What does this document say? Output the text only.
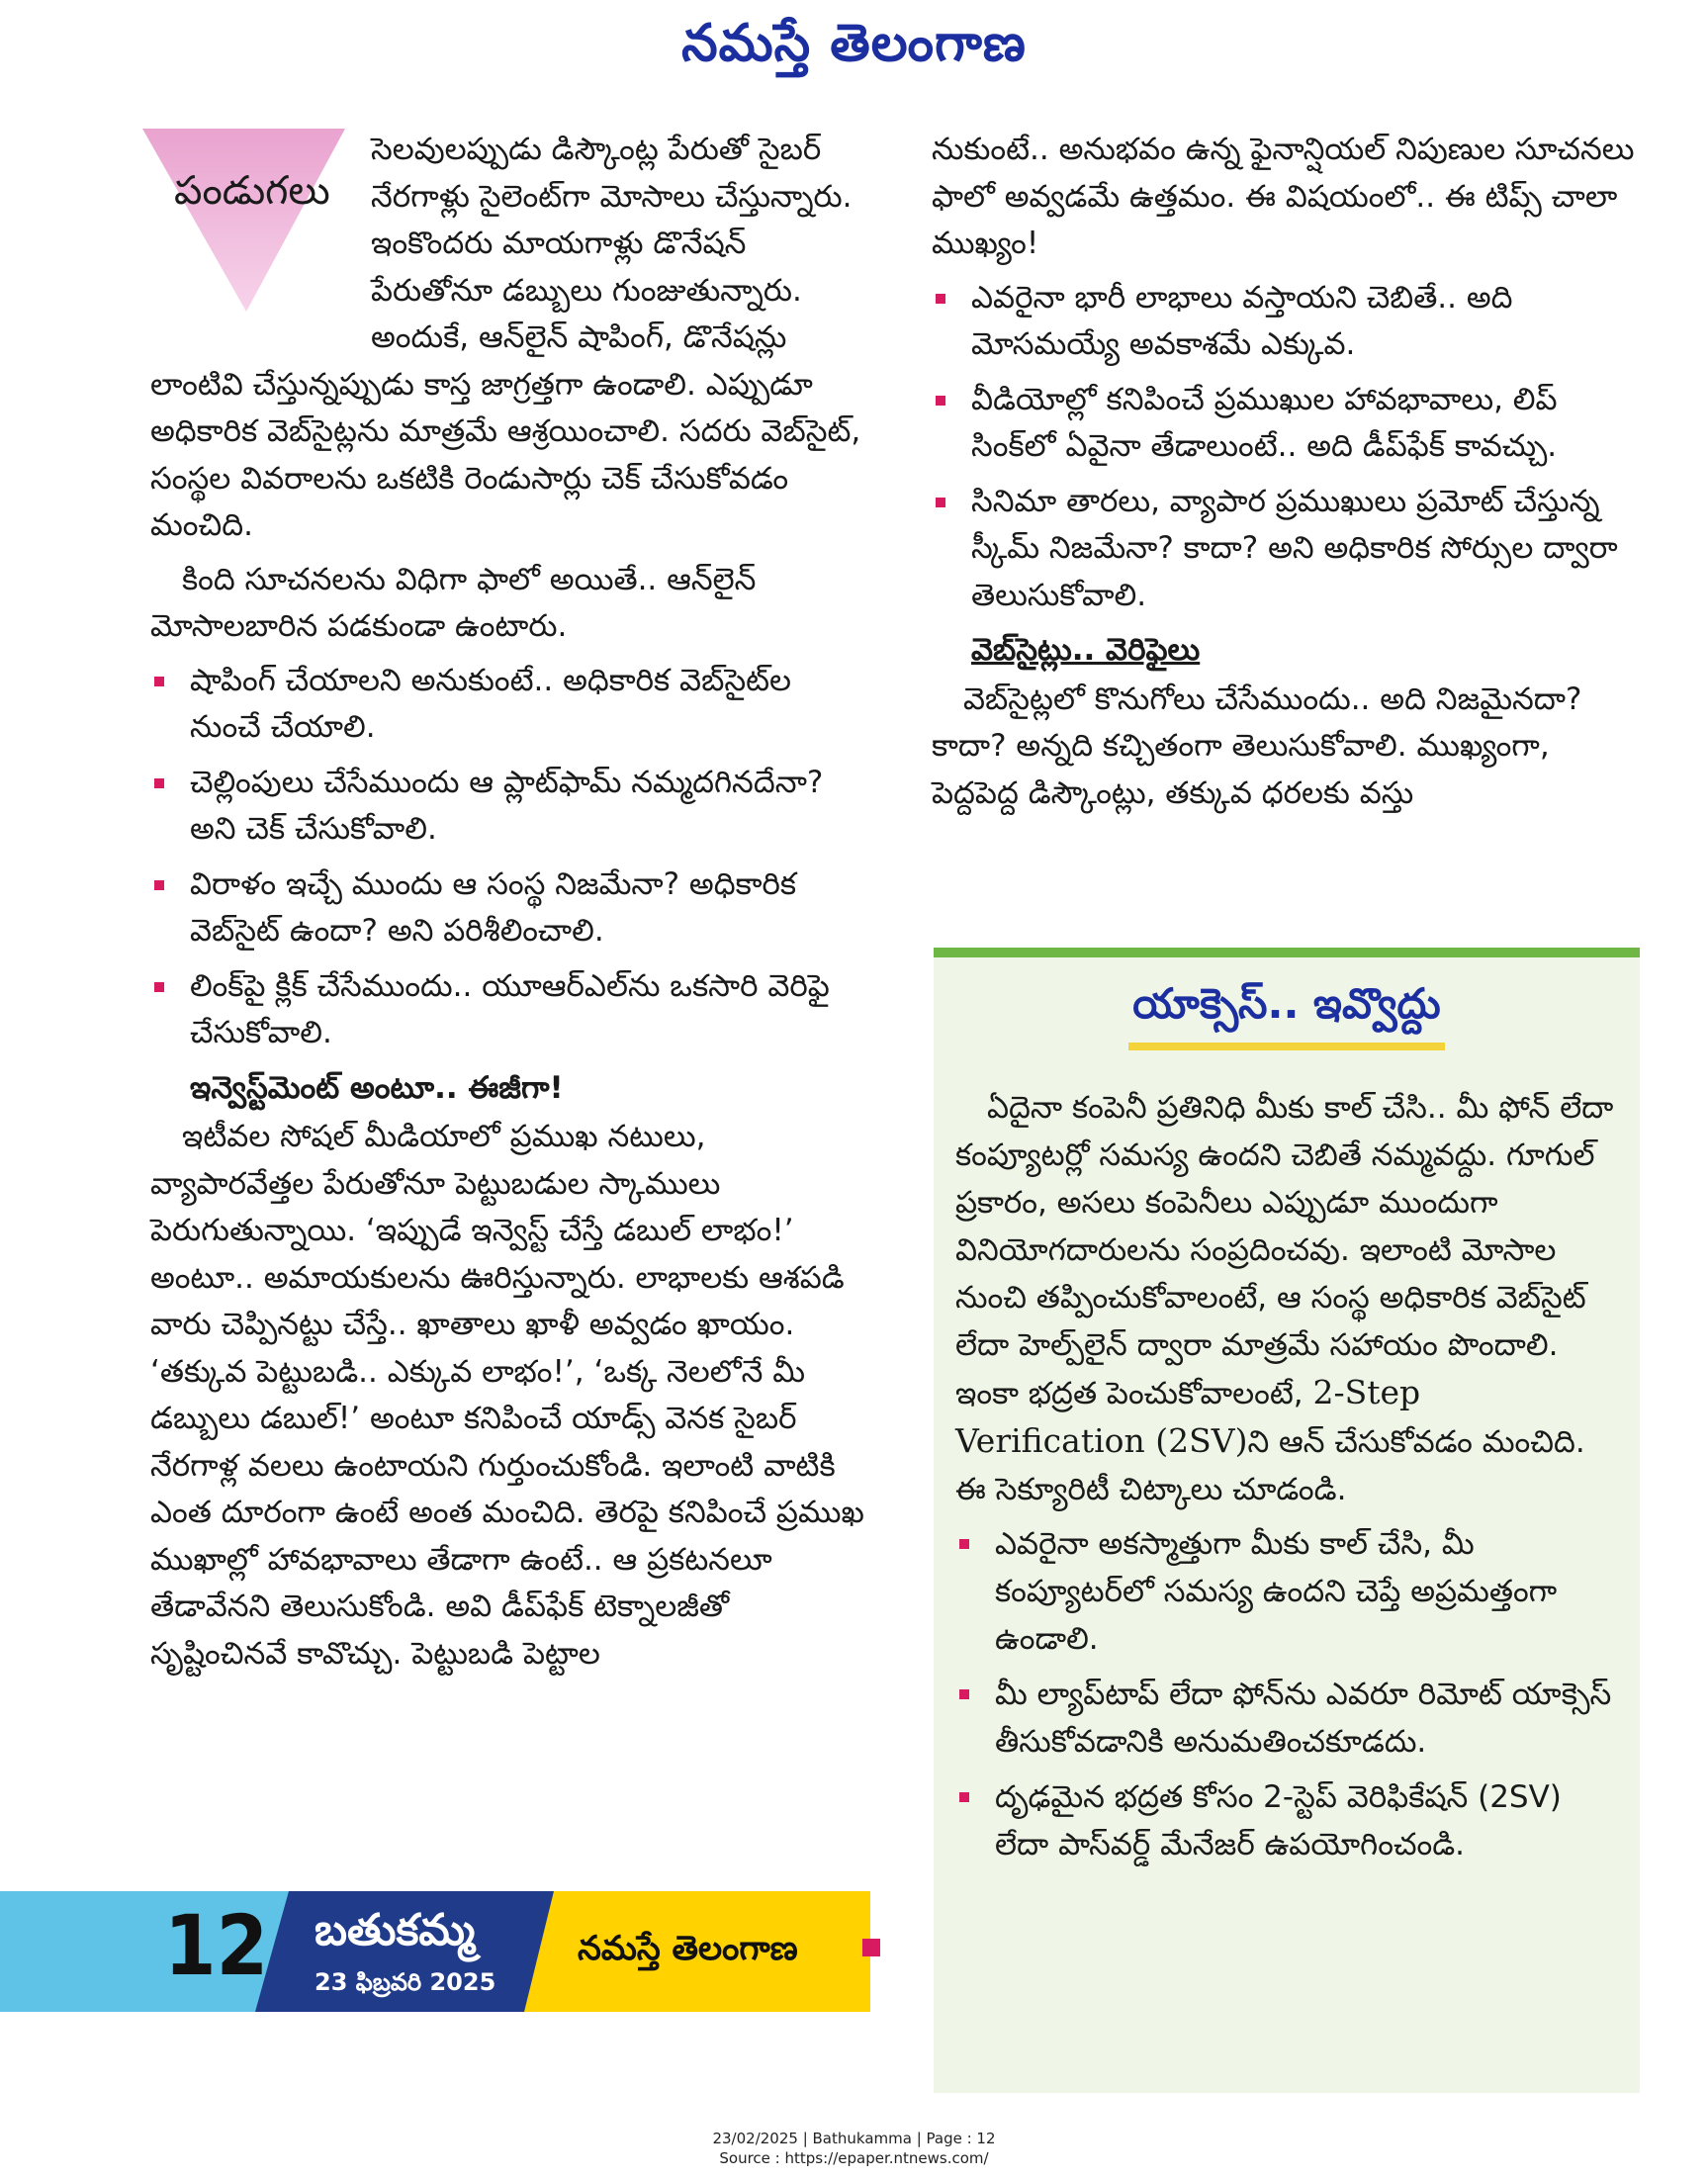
నమస్తే తెలంగాణ
పండుగలు

సెలవులప్పుడు డిస్కౌంట్ల పేరుతో సైబర్ నేరగాళ్లు సైలెంట్‌గా మోసాలు చేస్తున్నారు. ఇంకొందరు మాయగాళ్లు డొనేషన్ పేరుతోనూ డబ్బులు గుంజుతున్నారు. అందుకే, ఆన్‌లైన్ షాపింగ్, డొనేషన్లు లాంటివి చేస్తున్నప్పుడు కాస్త జాగ్రత్తగా ఉండాలి. ఎప్పుడూ అధికారిక వెబ్‌సైట్లను మాత్రమే ఆశ్రయించాలి. సదరు వెబ్‌సైట్, సంస్థల వివరాలను ఒకటికి రెండుసార్లు చెక్ చేసుకోవడం మంచిది.

కింది సూచనలను విధిగా ఫాలో అయితే.. ఆన్‌లైన్ మోసాలబారిన పడకుండా ఉంటారు.

షాపింగ్ చేయాలని అనుకుంటే.. అధికారిక వెబ్‌సైట్‌ల నుంచే చేయాలి.
చెల్లింపులు చేసేముందు ఆ ప్లాట్‌ఫామ్ నమ్మదగినదేనా? అని చెక్ చేసుకోవాలి.
విరాళం ఇచ్చే ముందు ఆ సంస్థ నిజమేనా? అధికారిక వెబ్‌సైట్ ఉందా? అని పరిశీలించాలి.
లింక్‌పై క్లిక్ చేసేముందు.. యూఆర్ఎల్‌ను ఒకసారి వెరిఫై చేసుకోవాలి.
ఇన్వెస్ట్‌మెంట్ అంటూ.. ఈజీగా!

ఇటీవల సోషల్ మీడియాలో ప్రముఖ నటులు, వ్యాపారవేత్తల పేరుతోనూ పెట్టుబడుల స్కాములు పెరుగుతున్నాయి. ‘ఇప్పుడే ఇన్వెస్ట్ చేస్తే డబుల్ లాభం!’ అంటూ.. అమాయకులను ఊరిస్తున్నారు. లాభాలకు ఆశపడి వారు చెప్పినట్టు చేస్తే.. ఖాతాలు ఖాళీ అవ్వడం ఖాయం. ‘తక్కువ పెట్టుబడి.. ఎక్కువ లాభం!’, ‘ఒక్క నెలలోనే మీ డబ్బులు డబుల్!’ అంటూ కనిపించే యాడ్స్ వెనక సైబర్ నేరగాళ్ల వలలు ఉంటాయని గుర్తుంచుకోండి. ఇలాంటి వాటికి ఎంత దూరంగా ఉంటే అంత మంచిది. తెరపై కనిపించే ప్రముఖ ముఖాల్లో హావభావాలు తేడాగా ఉంటే.. ఆ ప్రకటనలూ తేడావేనని తెలుసుకోండి. అవి డీప్‌ఫేక్ టెక్నాలజీతో సృష్టించినవే కావొచ్చు. పెట్టుబడి పెట్టాల

నుకుంటే.. అనుభవం ఉన్న ఫైనాన్షియల్ నిపుణుల సూచనలు ఫాలో అవ్వడమే ఉత్తమం. ఈ విషయంలో.. ఈ టిప్స్ చాలా ముఖ్యం!

ఎవరైనా భారీ లాభాలు వస్తాయని చెబితే.. అది మోసమయ్యే అవకాశమే ఎక్కువ.
వీడియోల్లో కనిపించే ప్రముఖుల హావభావాలు, లిప్ సింక్‌లో ఏవైనా తేడాలుంటే.. అది డీప్‌ఫేక్ కావచ్చు.
సినిమా తారలు, వ్యాపార ప్రముఖులు ప్రమోట్ చేస్తున్న స్కీమ్ నిజమేనా? కాదా? అని అధికారిక సోర్సుల ద్వారా తెలుసుకోవాలి.
వెబ్‌సైట్లు.. వెరిఫైలు

వెబ్‌సైట్లలో కొనుగోలు చేసేముందు.. అది నిజమైనదా? కాదా? అన్నది కచ్చితంగా తెలుసుకోవాలి. ముఖ్యంగా, పెద్దపెద్ద డిస్కౌంట్లు, తక్కువ ధరలకు వస్తు

యాక్సెస్.. ఇవ్వొద్దు

ఏదైనా కంపెనీ ప్రతినిధి మీకు కాల్ చేసి.. మీ ఫోన్ లేదా కంప్యూటర్లో సమస్య ఉందని చెబితే నమ్మవద్దు. గూగుల్ ప్రకారం, అసలు కంపెనీలు ఎప్పుడూ ముందుగా వినియోగదారులను సంప్రదించవు. ఇలాంటి మోసాల నుంచి తప్పించుకోవాలంటే, ఆ సంస్థ అధికారిక వెబ్‌సైట్ లేదా హెల్ప్‌లైన్ ద్వారా మాత్రమే సహాయం పొందాలి. ఇంకా భద్రత పెంచుకోవాలంటే, 2-Step Verification (2SV)ని ఆన్ చేసుకోవడం మంచిది. ఈ సెక్యూరిటీ చిట్కాలు చూడండి.

ఎవరైనా అకస్మాత్తుగా మీకు కాల్ చేసి, మీ కంప్యూటర్‌లో సమస్య ఉందని చెప్తే అప్రమత్తంగా ఉండాలి.
మీ ల్యాప్‌టాప్ లేదా ఫోన్‌ను ఎవరూ రిమోట్ యాక్సెస్ తీసుకోవడానికి అనుమతించకూడదు.
దృఢమైన భద్రత కోసం 2-స్టెప్ వెరిఫికేషన్ (2SV) లేదా పాస్‌వర్డ్ మేనేజర్ ఉపయోగించండి.
12 బతుకమ్మ
23 ఫిబ్రవరి 2025
నమస్తే తెలంగాణ
23/02/2025 | Bathukamma | Page : 12
Source : https://epaper.ntnews.com/
